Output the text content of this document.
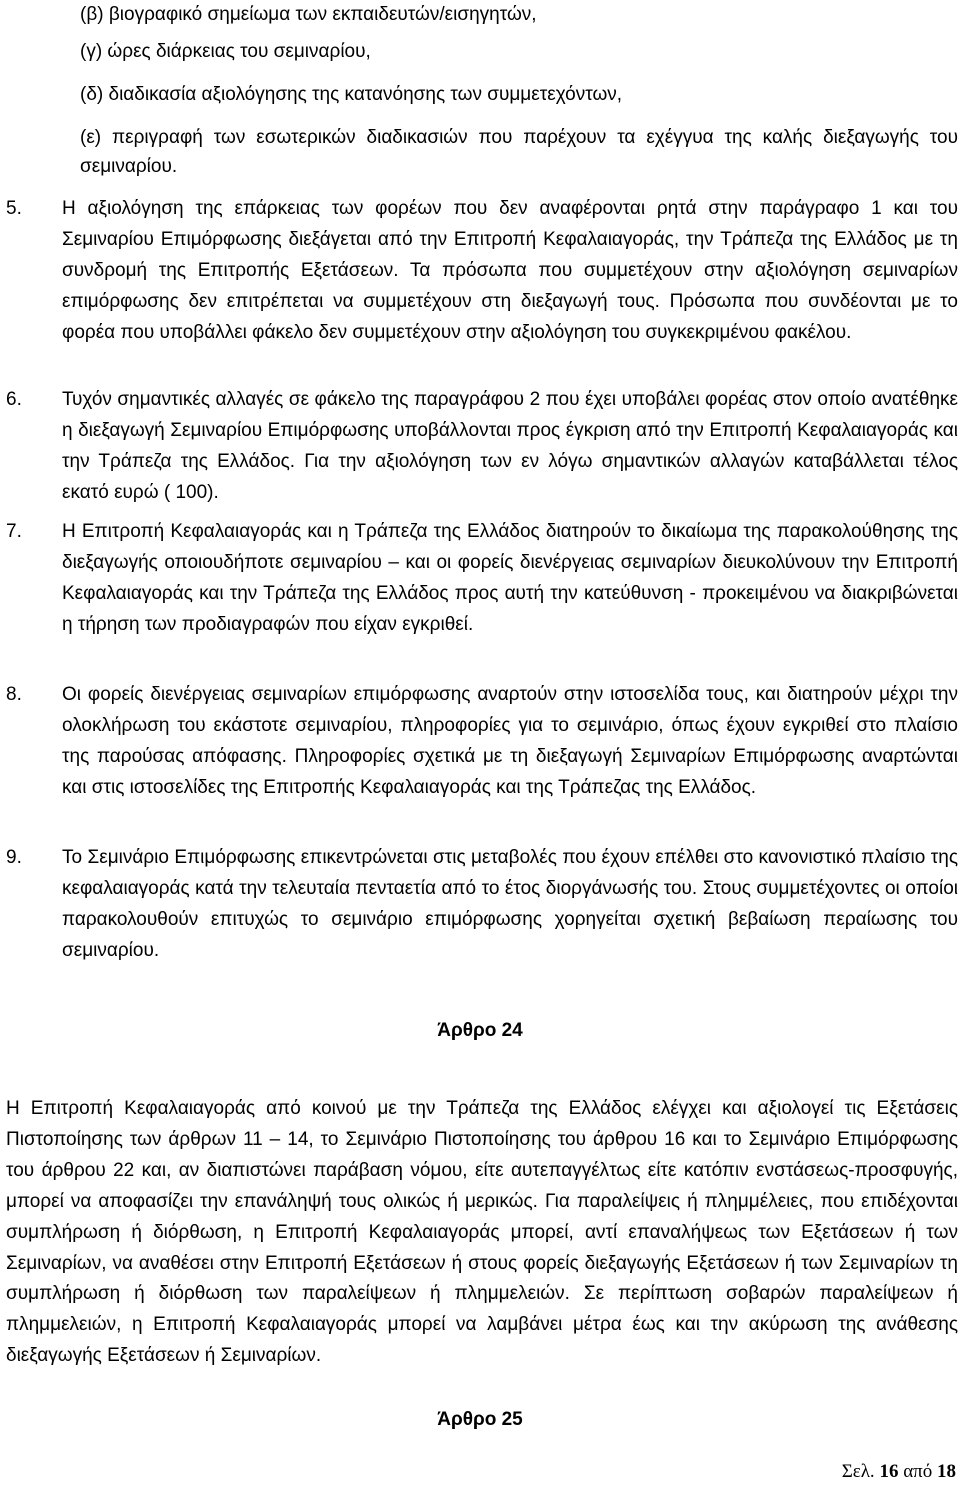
(β) βιογραφικό σημείωμα των εκπαιδευτών/εισηγητών,

(γ) ώρες διάρκειας του σεμιναρίου,

(δ) διαδικασία αξιολόγησης της κατανόησης των συμμετεχόντων,

(ε) περιγραφή των εσωτερικών διαδικασιών που παρέχουν τα εχέγγυα της καλής διεξαγωγής του σεμιναρίου.

5. Η αξιολόγηση της επάρκειας των φορέων που δεν αναφέρονται ρητά στην παράγραφο 1 και του Σεμιναρίου Επιμόρφωσης διεξάγεται από την Επιτροπή Κεφαλαιαγοράς, την Τράπεζα της Ελλάδος με τη συνδρομή της Επιτροπής Εξετάσεων. Τα πρόσωπα που συμμετέχουν στην αξιολόγηση σεμιναρίων επιμόρφωσης δεν επιτρέπεται να συμμετέχουν στη διεξαγωγή τους. Πρόσωπα που συνδέονται με το φορέα που υποβάλλει φάκελο δεν συμμετέχουν στην αξιολόγηση του συγκεκριμένου φακέλου.

6. Τυχόν σημαντικές αλλαγές σε φάκελο της παραγράφου 2 που έχει υποβάλει φορέας στον οποίο ανατέθηκε η διεξαγωγή Σεμιναρίου Επιμόρφωσης υποβάλλονται προς έγκριση από την Επιτροπή Κεφαλαιαγοράς και την Τράπεζα της Ελλάδος. Για την αξιολόγηση των εν λόγω σημαντικών αλλαγών καταβάλλεται τέλος εκατό ευρώ ( 100).

7. Η Επιτροπή Κεφαλαιαγοράς και η Τράπεζα της Ελλάδος διατηρούν το δικαίωμα της παρακολούθησης της διεξαγωγής οποιουδήποτε σεμιναρίου – και οι φορείς διενέργειας σεμιναρίων διευκολύνουν την Επιτροπή Κεφαλαιαγοράς και την Τράπεζα της Ελλάδος προς αυτή την κατεύθυνση - προκειμένου να διακριβώνεται η τήρηση των προδιαγραφών που είχαν εγκριθεί.

8. Οι φορείς διενέργειας σεμιναρίων επιμόρφωσης αναρτούν στην ιστοσελίδα τους, και διατηρούν μέχρι την ολοκλήρωση του εκάστοτε σεμιναρίου, πληροφορίες για το σεμινάριο, όπως έχουν εγκριθεί στο πλαίσιο της παρούσας απόφασης. Πληροφορίες σχετικά με τη διεξαγωγή Σεμιναρίων Επιμόρφωσης αναρτώνται και στις ιστοσελίδες της Επιτροπής Κεφαλαιαγοράς και της Τράπεζας της Ελλάδος.

9. Το Σεμινάριο Επιμόρφωσης επικεντρώνεται στις μεταβολές που έχουν επέλθει στο κανονιστικό πλαίσιο της κεφαλαιαγοράς κατά την τελευταία πενταετία από το έτος διοργάνωσής του. Στους συμμετέχοντες οι οποίοι παρακολουθούν επιτυχώς το σεμινάριο επιμόρφωσης χορηγείται σχετική βεβαίωση περαίωσης του σεμιναρίου.

Άρθρο 24

Η Επιτροπή Κεφαλαιαγοράς από κοινού με την Τράπεζα της Ελλάδος ελέγχει και αξιολογεί τις Εξετάσεις Πιστοποίησης των άρθρων 11 – 14, το Σεμινάριο Πιστοποίησης του άρθρου 16 και το Σεμινάριο Επιμόρφωσης του άρθρου 22 και, αν διαπιστώνει παράβαση νόμου, είτε αυτεπαγγέλτως είτε κατόπιν ενστάσεως-προσφυγής, μπορεί να αποφασίζει την επανάληψή τους ολικώς ή μερικώς. Για παραλείψεις ή πλημμέλειες, που επιδέχονται συμπλήρωση ή διόρθωση, η Επιτροπή Κεφαλαιαγοράς μπορεί, αντί επαναλήψεως των Εξετάσεων ή των Σεμιναρίων, να αναθέσει στην Επιτροπή Εξετάσεων ή στους φορείς διεξαγωγής Εξετάσεων ή των Σεμιναρίων τη συμπλήρωση ή διόρθωση των παραλείψεων ή πλημμελειών. Σε περίπτωση σοβαρών παραλείψεων ή πλημμελειών, η Επιτροπή Κεφαλαιαγοράς μπορεί να λαμβάνει μέτρα έως και την ακύρωση της ανάθεσης διεξαγωγής Εξετάσεων ή Σεμιναρίων.

Άρθρο 25
Σελ. 16 από 18
